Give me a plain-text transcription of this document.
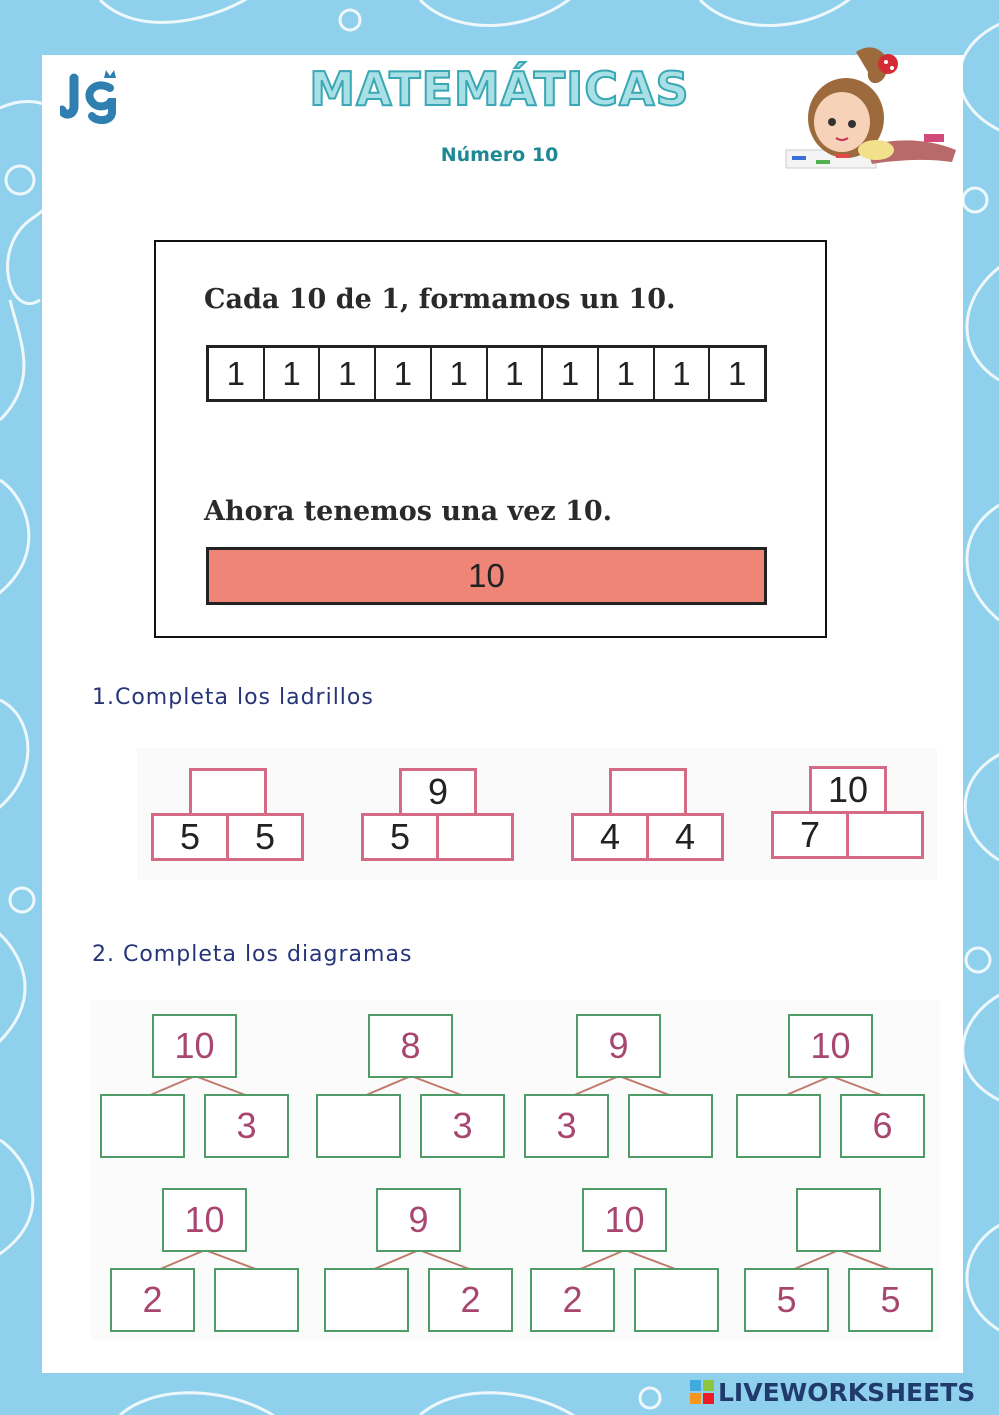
MATEMÁTICAS
Número 10
Cada 10 de 1, formamos un 10.
1	1	1	1	1	1	1	1	1	1
Ahora tenemos una vez 10.
10
1.Completa los ladrillos
5	5
9
5	4	4
10
7
2. Completa los diagramas
10
3
8
3
9
3
10
6
10
2
9
2
10
2	5	5
LIVEWORKSHEETS
